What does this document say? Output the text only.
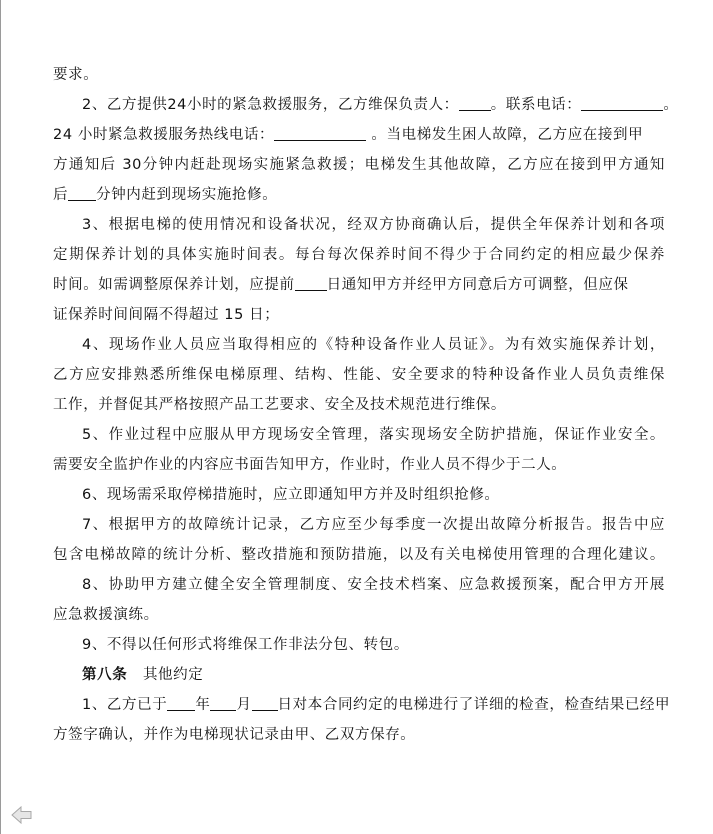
要求。
2、乙方提供24小时的紧急救援服务，乙方维保负责人： 。联系电话：	。
24 小时紧急救援服务热线电话：	。当电梯发生困人故障，乙方应在接到甲
方通知后 30分钟内赶赴现场实施紧急救援；电梯发生其他故障，乙方应在接到甲方通知
后 分钟内赶到现场实施抢修。
3、根据电梯的使用情况和设备状况，经双方协商确认后，提供全年保养计划和各项
定期保养计划的具体实施时间表。每台每次保养时间不得少于合同约定的相应最少保养
时间。如需调整原保养计划，应提前 日通知甲方并经甲方同意后方可调整，但应保
证保养时间间隔不得超过 15 日；
4、现场作业人员应当取得相应的《特种设备作业人员证》。为有效实施保养计划，
乙方应安排熟悉所维保电梯原理、结构、性能、安全要求的特种设备作业人员负责维保
工作，并督促其严格按照产品工艺要求、安全及技术规范进行维保。
5、作业过程中应服从甲方现场安全管理，落实现场安全防护措施，保证作业安全。
需要安全监护作业的内容应书面告知甲方，作业时，作业人员不得少于二人。
6、现场需采取停梯措施时，应立即通知甲方并及时组织抢修。
7、根据甲方的故障统计记录，乙方应至少每季度一次提出故障分析报告。报告中应
包含电梯故障的统计分析、整改措施和预防措施，以及有关电梯使用管理的合理化建议。
8、协助甲方建立健全安全管理制度、安全技术档案、应急救援预案，配合甲方开展
应急救援演练。
9、不得以任何形式将维保工作非法分包、转包。
第八条 其他约定
1、乙方已于 年 月 日对本合同约定的电梯进行了详细的检查，检查结果已经甲
方签字确认，并作为电梯现状记录由甲、乙双方保存。
